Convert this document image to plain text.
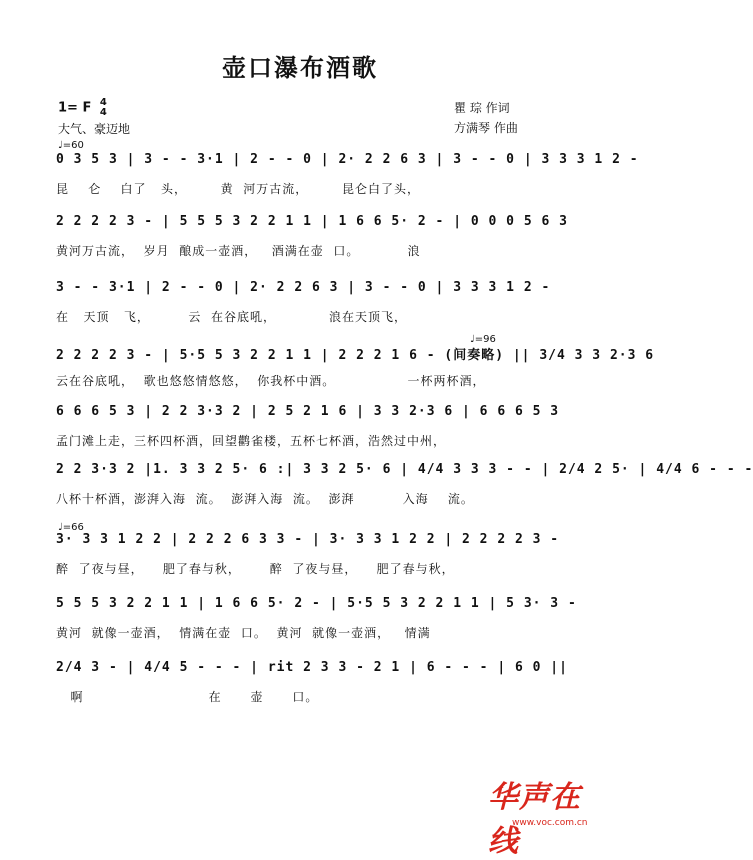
壶口瀑布酒歌
1= F 4
4
大气、豪迈地
♩=60
瞿 琮 作词
方满琴 作曲
0 3 5 3 | 3 - - 3·1 | 2 - - 0 | 2· 2 2 6 3 | 3 - - 0 | 3 3 3 1 2 -
昆    仑    白了   头，       黄  河万古流，       昆仑白了头，
2 2 2 2 3 - | 5 5 5 3 2 2 1 1 | 1 6 6 5· 2 - | 0 0 0 5 6 3
黄河万古流，  岁月  酿成一壶酒，   酒满在壶  口。          浪
3 - - 3·1 | 2 - - 0 | 2· 2 2 6 3 | 3 - - 0 | 3 3 3 1 2 -
在   天顶   飞，        云  在谷底吼，           浪在天顶飞，
♩=96
2 2 2 2 3 - | 5·5 5 3 2 2 1 1 | 2 2 2 1 6 - (间奏略) || 3/4 3 3 2·3 6
云在谷底吼，  歌也悠悠情悠悠，  你我杯中酒。               一杯两杯酒，
6 6 6 5 3 | 2 2 3·3 2 | 2 5 2 1 6 | 3 3 2·3 6 | 6 6 6 5 3
孟门滩上走，三杯四杯酒，回望鹳雀楼，五杯七杯酒，浩然过中州，
2 2 3·3 2 |1. 3 3 2 5· 6 :| 3 3 2 5· 6 | 4/4 3 3 3 - - | 2/4 2 5· | 4/4 6 - - -
八杯十杯酒，澎湃入海  流。  澎湃入海  流。  澎湃          入海    流。
♩=66
3· 3 3 1 2 2 | 2 2 2 6 3 3 - | 3· 3 3 1 2 2 | 2 2 2 2 3 -
醉  了夜与昼，    肥了春与秋，      醉  了夜与昼，    肥了春与秋，
5 5 5 3 2 2 1 1 | 1 6 6 5· 2 - | 5·5 5 3 2 2 1 1 | 5 3· 3 -
黄河  就像一壶酒，  情满在壶  口。  黄河  就像一壶酒，   情满
2/4 3 - | 4/4 5 - - - | rit 2 3 3 - 2 1 | 6 - - - | 6 0 ||
啊                          在      壶      口。
华声在线
www.voc.com.cn
